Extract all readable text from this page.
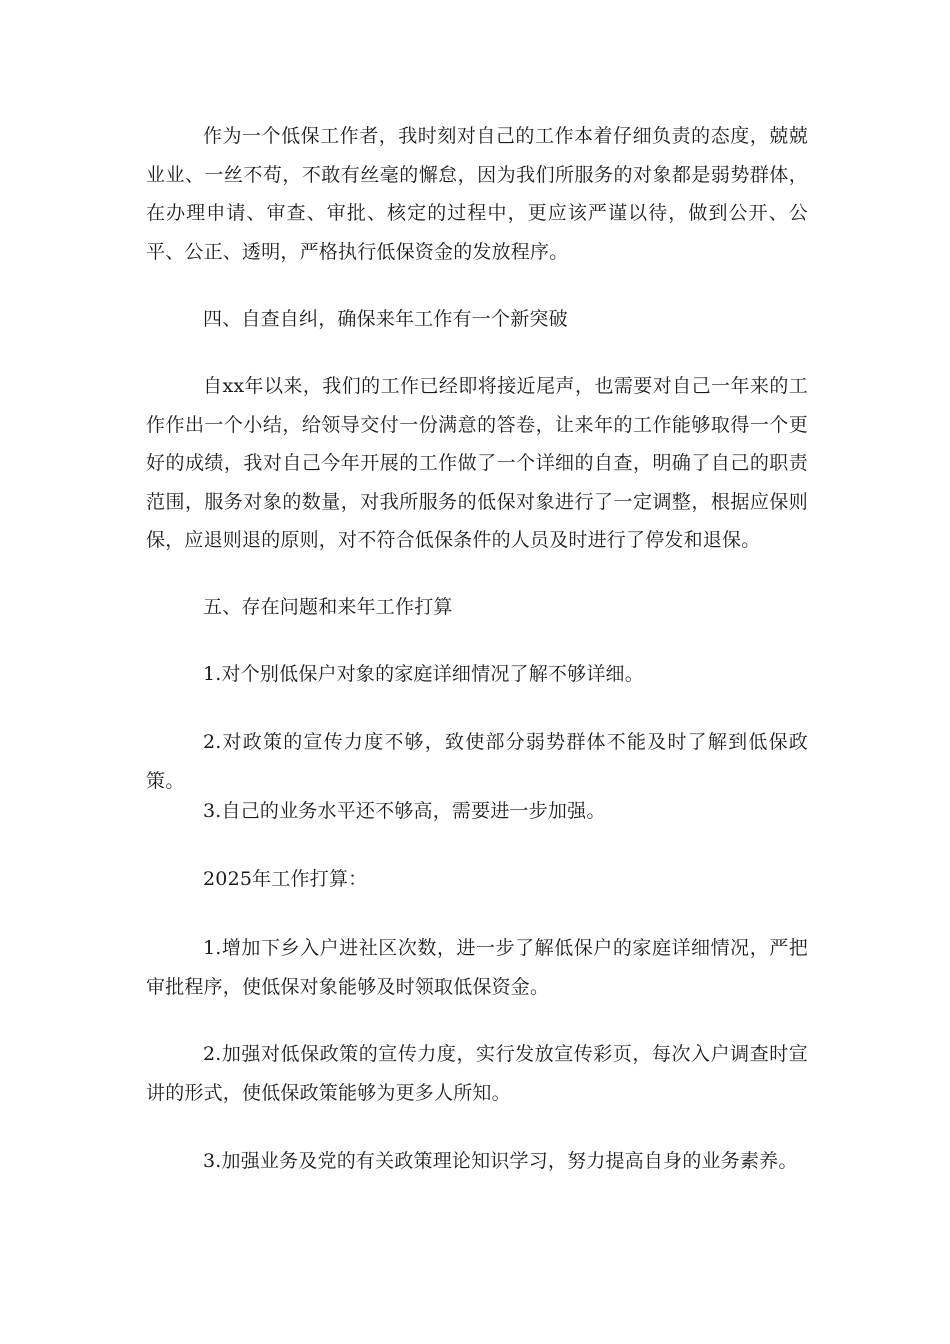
作为一个低保工作者，我时刻对自己的工作本着仔细负责的态度，兢兢业业、一丝不苟，不敢有丝毫的懈怠，因为我们所服务的对象都是弱势群体，在办理申请、审查、审批、核定的过程中，更应该严谨以待，做到公开、公平、公正、透明，严格执行低保资金的发放程序。

四、自查自纠，确保来年工作有一个新突破

自xx年以来，我们的工作已经即将接近尾声，也需要对自己一年来的工作作出一个小结，给领导交付一份满意的答卷，让来年的工作能够取得一个更好的成绩，我对自己今年开展的工作做了一个详细的自查，明确了自己的职责范围，服务对象的数量，对我所服务的低保对象进行了一定调整，根据应保则保，应退则退的原则，对不符合低保条件的人员及时进行了停发和退保。

五、存在问题和来年工作打算

1.对个别低保户对象的家庭详细情况了解不够详细。

2.对政策的宣传力度不够，致使部分弱势群体不能及时了解到低保政策。

3.自己的业务水平还不够高，需要进一步加强。

2025年工作打算：

1.增加下乡入户进社区次数，进一步了解低保户的家庭详细情况，严把审批程序，使低保对象能够及时领取低保资金。

2.加强对低保政策的宣传力度，实行发放宣传彩页，每次入户调查时宣讲的形式，使低保政策能够为更多人所知。

3.加强业务及党的有关政策理论知识学习，努力提高自身的业务素养。
